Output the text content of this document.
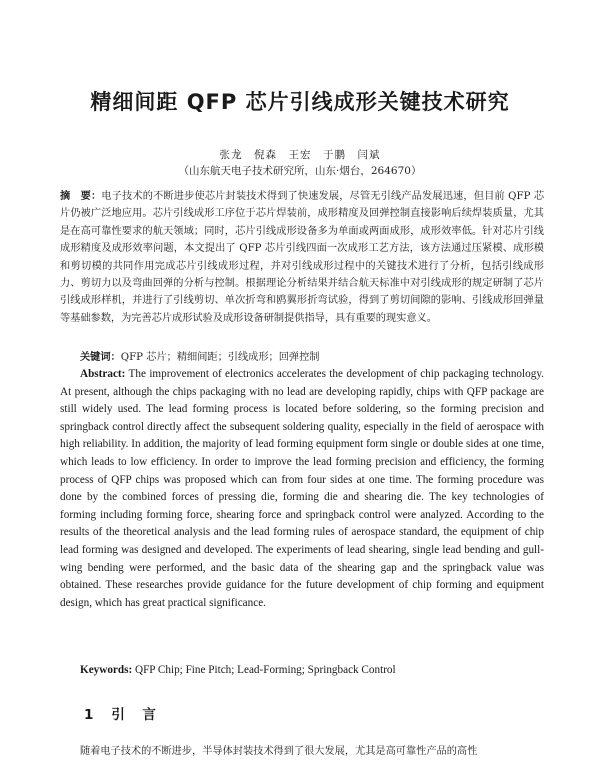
精细间距 QFP 芯片引线成形关键技术研究
张龙　倪森　王宏　于鹏　闫斌
（山东航天电子技术研究所，山东·烟台，264670）
摘　要：电子技术的不断进步使芯片封装技术得到了快速发展，尽管无引线产品发展迅速，但目前 QFP 芯片仍被广泛地应用。芯片引线成形工序位于芯片焊装前，成形精度及回弹控制直接影响后续焊装质量，尤其是在高可靠性要求的航天领域；同时，芯片引线成形设备多为单面或两面成形，成形效率低。针对芯片引线成形精度及成形效率问题，本文提出了 QFP 芯片引线四面一次成形工艺方法，该方法通过压紧模、成形模和剪切模的共同作用完成芯片引线成形过程，并对引线成形过程中的关键技术进行了分析，包括引线成形力、剪切力以及弯曲回弹的分析与控制。根据理论分析结果并结合航天标准中对引线成形的规定研制了芯片引线成形样机，并进行了引线剪切、单次折弯和鸥翼形折弯试验，得到了剪切间隙的影响、引线成形回弹量等基础参数，为完善芯片成形试验及成形设备研制提供指导，具有重要的现实意义。
关键词：QFP 芯片；精细间距；引线成形；回弹控制
Abstract: The improvement of electronics accelerates the development of chip packaging technology. At present, although the chips packaging with no lead are developing rapidly, chips with QFP package are still widely used. The lead forming process is located before soldering, so the forming precision and springback control directly affect the subsequent soldering quality, especially in the field of aerospace with high reliability. In addition, the majority of lead forming equipment form single or double sides at one time, which leads to low efficiency. In order to improve the lead forming precision and efficiency, the forming process of QFP chips was proposed which can from four sides at one time. The forming procedure was done by the combined forces of pressing die, forming die and shearing die. The key technologies of forming including forming force, shearing force and springback control were analyzed. According to the results of the theoretical analysis and the lead forming rules of aerospace standard, the equipment of chip lead forming was designed and developed. The experiments of lead shearing, single lead bending and gull-wing bending were performed, and the basic data of the shearing gap and the springback value was obtained. These researches provide guidance for the future development of chip forming and equipment design, which has great practical significance.
Keywords: QFP Chip; Fine Pitch; Lead-Forming; Springback Control
1 引　言
随着电子技术的不断进步，半导体封装技术得到了很大发展，尤其是高可靠性产品的高性
